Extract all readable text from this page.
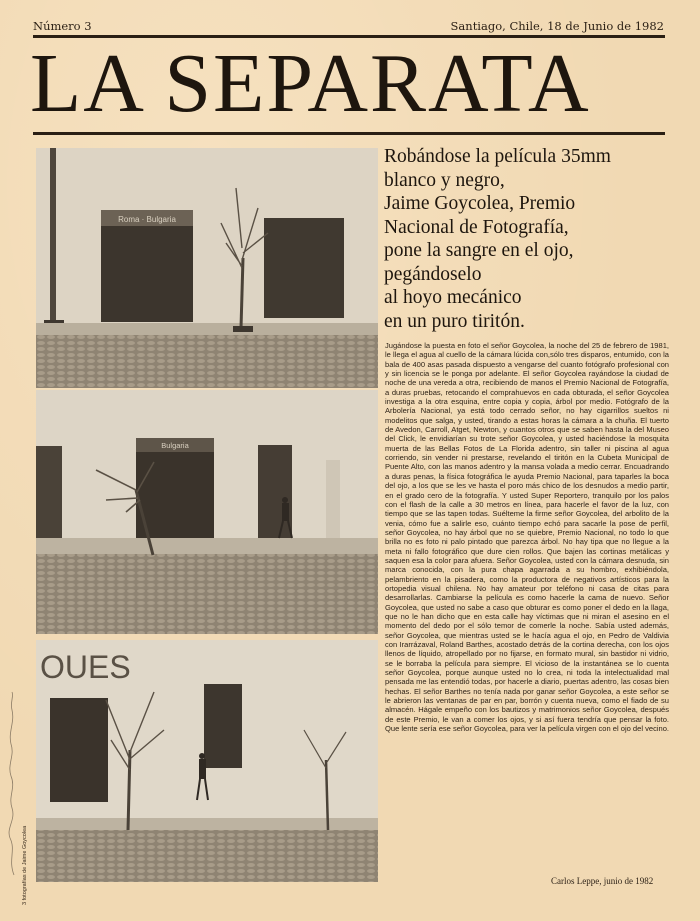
Número 3	Santiago, Chile, 18 de Junio de 1982
LA SEPARATA
Roma · Bulgaria
Bulgaria
OUES
Robándose la película 35mm
blanco y negro,
Jaime Goycolea, Premio
Nacional de Fotografía,
pone la sangre en el ojo,
pegándoselo
al hoyo mecánico
en un puro tiritón.
Jugándose la puesta en foto el señor Goycolea, la noche del 25 de febrero de 1981, le llega el agua al cuello de la cámara lúcida con,sólo tres disparos, entumido, con la bala de 400 asas pasada dispuesto a vengarse del cuanto fotógrafo profesional con y sin licencia se le ponga por adelante. El señor Goycolea rayándose la ciudad de noche de una vereda a otra, recibiendo de manos el Premio Nacional de Fotografía, a duras pruebas, retocando el comprahuevos en cada obturada, el señor Goycolea investiga a la otra esquina, entre copia y copia, árbol por medio. Fotógrafo de la Arbolería Nacional, ya está todo cerrado señor, no hay cigarrillos sueltos ni modelitos que salga, y usted, tirando a estas horas la cámara a la chuña. El tuerto de Avedon, Carroll, Atget, Newton, y cuantos otros que se saben hasta la del Museo del Click, le envidiarían su trote señor Goycolea, y usted haciéndose la mosquita muerta de las Bellas Fotos de La Florida adentro, sin taller ni piscina al agua corriendo, sin vender ni prestarse, revelando el tiritón en la Cubeta Municipal de Puente Alto, con las manos adentro y la mansa volada a medio cerrar. Encuadrando a duras penas, la física fotográfica le ayuda Premio Nacional, para taparles la boca del ojo, a los que se les ve hasta el poro más chico de los desnudos a medio partir, en el grado cero de la fotografía. Y usted Super Reportero, tranquilo por los palos con el flash de la calle a 30 metros en línea, para hacerle el favor de la luz, con tiempo que se las tapen todas. Suélteme la firme señor Goycolea, del arbolito de la venia, cómo fue a salirle eso, cuánto tiempo echó para sacarle la pose de perfil, señor Goycolea, no hay árbol que no se quiebre, Premio Nacional, no todo lo que brilla no es foto ni palo pintado que parezca árbol. No hay tipa que no llegue a la meta ni fallo fotográfico que dure cien rollos. Que bajen las cortinas metálicas y saquen esa la color para afuera. Señor Goycolea, usted con la cámara desnuda, sin marca conocida, con la pura chapa agarrada a su hombro, exhibiéndola, pelambriento en la pisadera, como la productora de negativos artísticos para la ortopedia visual chilena. No hay amateur por teléfono ni casa de citas para desarrollarlas. Cambiarse la película es como hacerle la cama de nuevo. Señor Goycolea, que usted no sabe a caso que obturar es como poner el dedo en la llaga, que no le han dicho que en esta calle hay víctimas que ni miran el asesino en el momento del dedo por el sólo temor de comerle la noche. Sabía usted además, señor Goycolea, que mientras usted se le hacía agua el ojo, en Pedro de Valdivia con Irarrázaval, Roland Barthes, acostado detrás de la cortina derecha, con los ojos llenos de líquido, atropellado por no fijarse, en formato mural, sin bastidor ni vidrio, se le borraba la película para siempre. El vicioso de la instantánea se lo cuenta señor Goycolea, porque aunque usted no lo crea, ni toda la intelectualidad mal pensada me las entendió todas, por hacerle a diario, puertas adentro, las cosas bien hechas. El señor Barthes no tenía nada por ganar señor Goycolea, a este señor se le abrieron las ventanas de par en par, borrón y cuenta nueva, como el fiado de su almacén. Hágale empeño con los bautizos y matrimonios señor Goycolea, después de este Premio, le van a comer los ojos, y si así fuera tendría que pensar la foto. Que lente sería ese señor Goycolea, para ver la película virgen con el ojo del vecino.
Carlos Leppe, junio de 1982
3 fotografías de Jaime Goycolea
